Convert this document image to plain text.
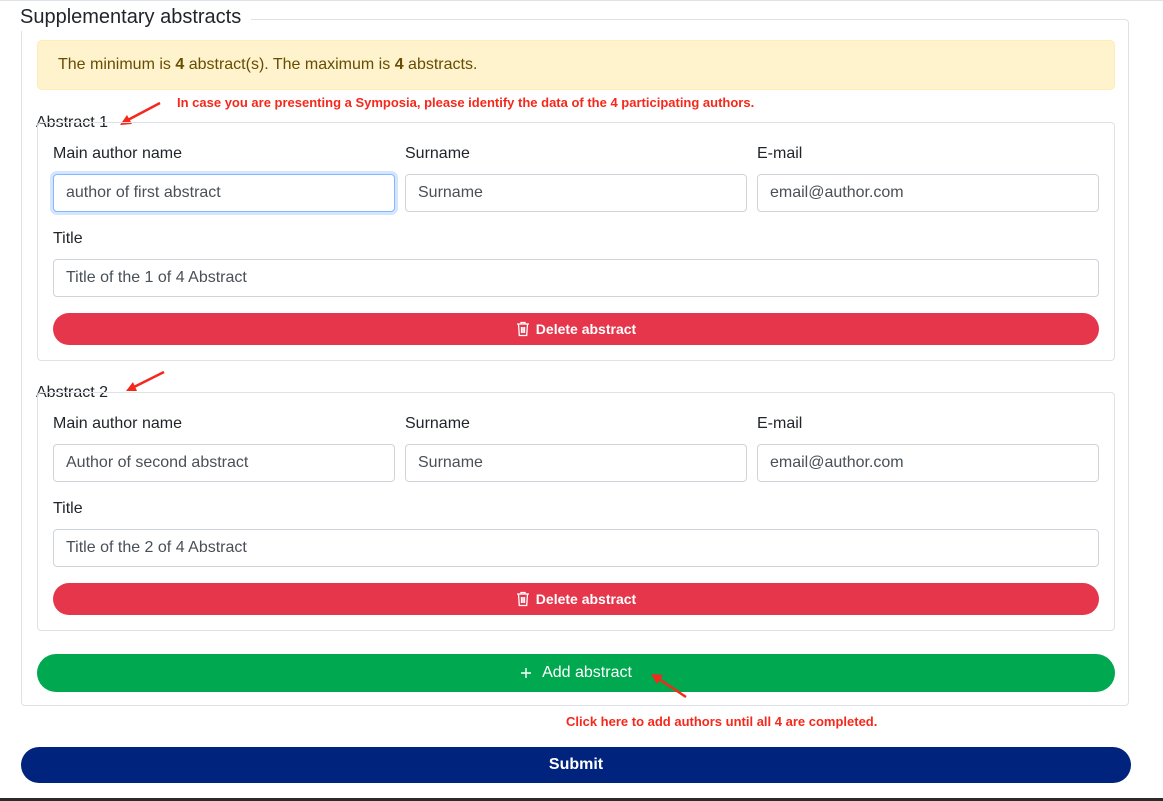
Supplementary abstracts
The minimum is 4 abstract(s). The maximum is 4 abstracts.
In case you are presenting a Symposia, please identify the data of the 4 participating authors.
Abstract 1
Main author name	Surname	E-mail
author of first abstract	Surname	email@author.com
Title
Title of the 1 of 4 Abstract
Delete abstract
Abstract 2
Main author name	Surname	E-mail
Author of second abstract	Surname	email@author.com
Title
Title of the 2 of 4 Abstract
Delete abstract
Add abstract
Click here to add authors until all 4 are completed.
Submit
